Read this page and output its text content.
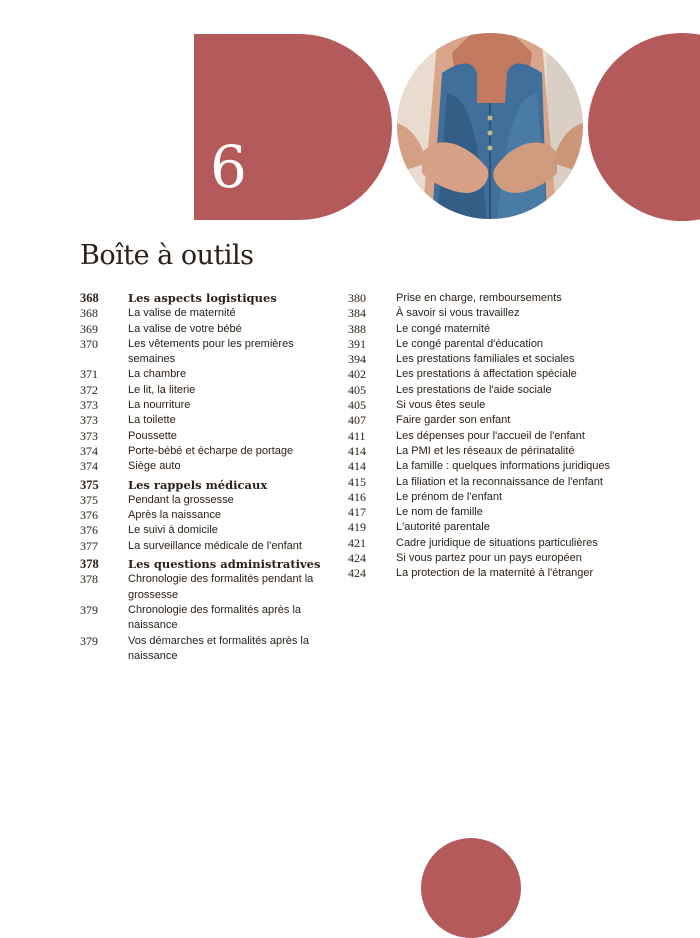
6
Boîte à outils
368	Les aspects logistiques
368	La valise de maternité
369	La valise de votre bébé
370	Les vêtements pour les premières semaines
371	La chambre
372	Le lit, la literie
373	La nourriture
373	La toilette
373	Poussette
374	Porte-bébé et écharpe de portage
374	Siège auto
375	Les rappels médicaux
375	Pendant la grossesse
376	Après la naissance
376	Le suivi à domicile
377	La surveillance médicale de l'enfant
378	Les questions administratives
378	Chronologie des formalités pendant la grossesse
379	Chronologie des formalités après la naissance
379	Vos démarches et formalités après la naissance
380	Prise en charge, remboursements
384	À savoir si vous travaillez
388	Le congé maternité
391	Le congé parental d'éducation
394	Les prestations familiales et sociales
402	Les prestations à affectation spéciale
405	Les prestations de l'aide sociale
405	Si vous êtes seule
407	Faire garder son enfant
411	Les dépenses pour l'accueil de l'enfant
414	La PMI et les réseaux de périnatalité
414	La famille : quelques informations juridiques
415	La filiation et la reconnaissance de l'enfant
416	Le prénom de l'enfant
417	Le nom de famille
419	L'autorité parentale
421	Cadre juridique de situations particulières
424	Si vous partez pour un pays européen
424	La protection de la maternité à l'étranger
